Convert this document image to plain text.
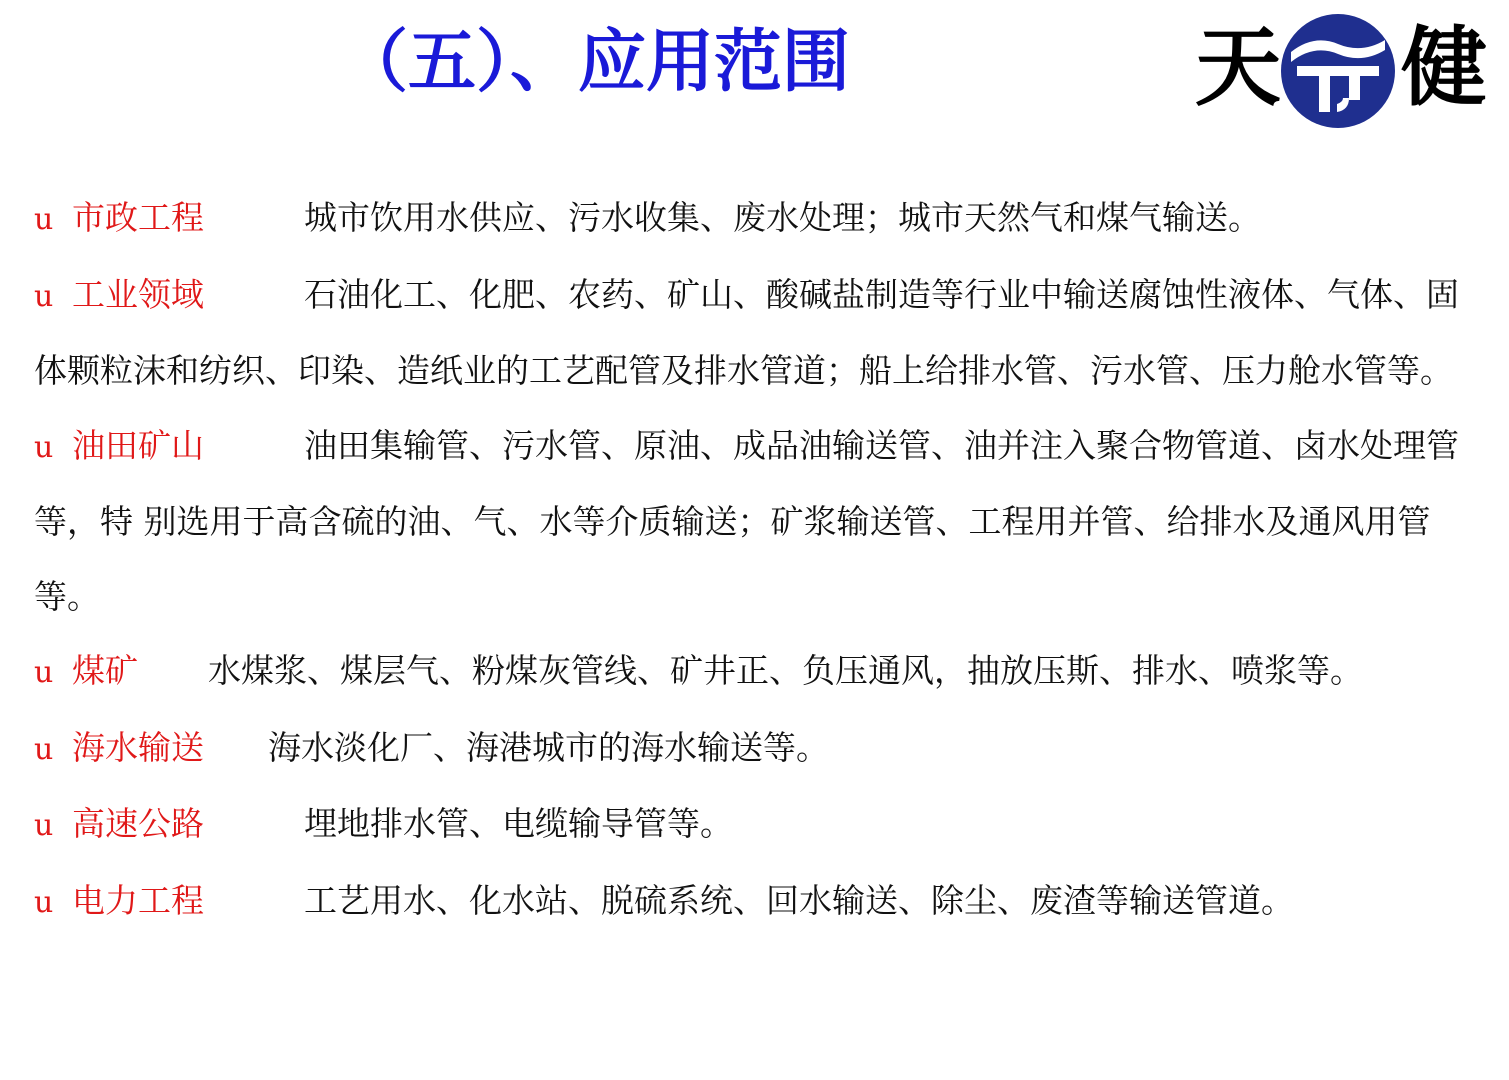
（五）、应用范围	天 健

u 市政工程	城市饮用水供应、污水收集、废水处理；城市天然气和煤气输送。

u 工业领域	石油化工、化肥、农药、矿山、酸碱盐制造等行业中输送腐蚀性液体、气体、固体颗粒沫和纺织、印染、造纸业的工艺配管及排水管道；船上给排水管、污水管、压力舱水管等。

u 油田矿山	油田集输管、污水管、原油、成品油输送管、油并注入聚合物管道、卤水处理管等，特 别选用于高含硫的油、气、水等介质输送；矿浆输送管、工程用并管、给排水及通风用管等。

u 煤矿 水煤浆、煤层气、粉煤灰管线、矿井正、负压通风，抽放压斯、排水、喷浆等。

u 海水输送 海水淡化厂、海港城市的海水输送等。

u 高速公路	埋地排水管、电缆输导管等。

u 电力工程	工艺用水、化水站、脱硫系统、回水输送、除尘、废渣等输送管道。
